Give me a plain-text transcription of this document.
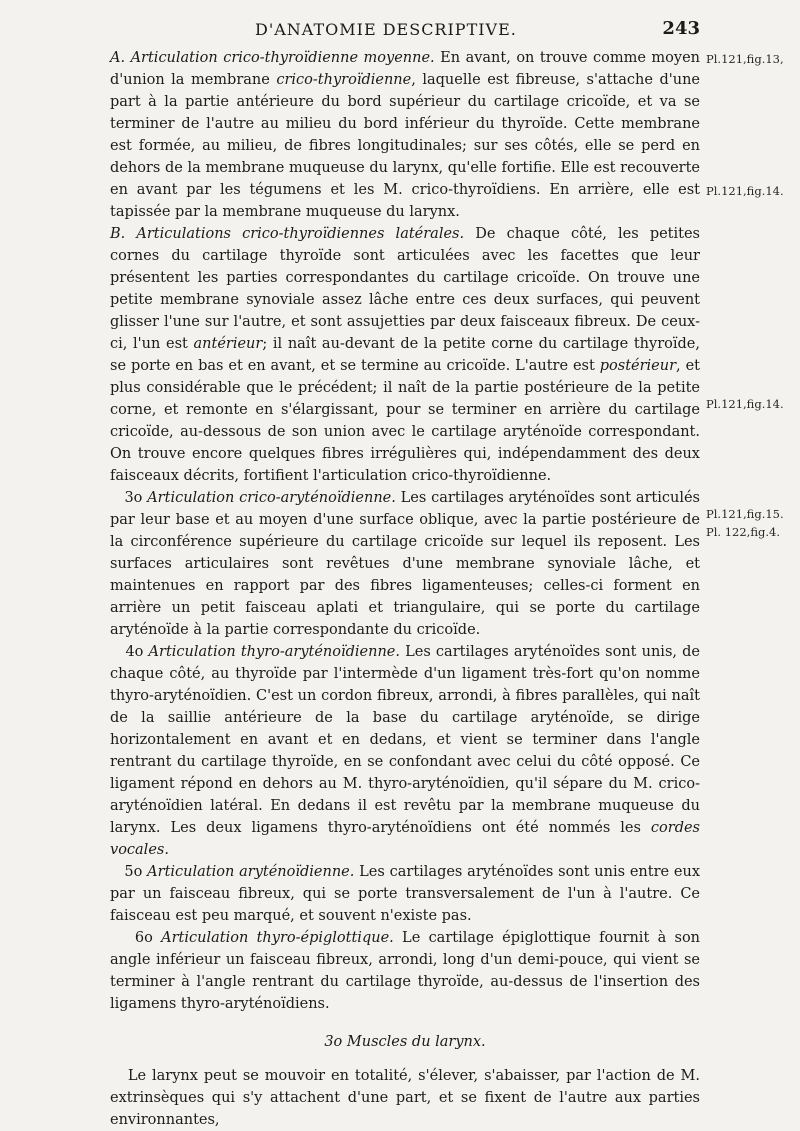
D'ANATOMIE DESCRIPTIVE.	243
Pl.121,fig.13,
Pl.121,fig.14.
Pl.121,fig.14.
Pl.121,fig.15.
Pl. 122,fig.4.

A. Articulation crico-thyroïdienne moyenne. En avant, on trouve comme moyen d'union la membrane crico-thyroïdienne, laquelle est fibreuse, s'attache d'une part à la partie antérieure du bord supérieur du cartilage cricoïde, et va se terminer de l'autre au milieu du bord inférieur du thyroïde. Cette membrane est formée, au milieu, de fibres longitudinales; sur ses côtés, elle se perd en dehors de la membrane muqueuse du larynx, qu'elle fortifie. Elle est recouverte en avant par les tégumens et les M. crico-thyroïdiens. En arrière, elle est tapissée par la membrane muqueuse du larynx.

B. Articulations crico-thyroïdiennes latérales. De chaque côté, les petites cornes du cartilage thyroïde sont articulées avec les facettes que leur présentent les parties correspondantes du cartilage cricoïde. On trouve une petite membrane synoviale assez lâche entre ces deux surfaces, qui peuvent glisser l'une sur l'autre, et sont assujetties par deux faisceaux fibreux. De ceux-ci, l'un est antérieur; il naît au-devant de la petite corne du cartilage thyroïde, se porte en bas et en avant, et se termine au cricoïde. L'autre est postérieur, et plus considérable que le précédent; il naît de la partie postérieure de la petite corne, et remonte en s'élargissant, pour se terminer en arrière du cartilage cricoïde, au-dessous de son union avec le cartilage aryténoïde correspondant. On trouve encore quelques fibres irrégulières qui, indépendamment des deux faisceaux décrits, fortifient l'articulation crico-thyroïdienne.

3o Articulation crico-aryténoïdienne. Les cartilages aryténoïdes sont articulés par leur base et au moyen d'une surface oblique, avec la partie postérieure de la circonférence supérieure du cartilage cricoïde sur lequel ils reposent. Les surfaces articulaires sont revêtues d'une membrane synoviale lâche, et maintenues en rapport par des fibres ligamenteuses; celles-ci forment en arrière un petit faisceau aplati et triangulaire, qui se porte du cartilage aryténoïde à la partie correspondante du cricoïde.

4o Articulation thyro-aryténoïdienne. Les cartilages aryténoïdes sont unis, de chaque côté, au thyroïde par l'intermède d'un ligament très-fort qu'on nomme thyro-aryténoïdien. C'est un cordon fibreux, arrondi, à fibres parallèles, qui naît de la saillie antérieure de la base du cartilage aryténoïde, se dirige horizontalement en avant et en dedans, et vient se terminer dans l'angle rentrant du cartilage thyroïde, en se confondant avec celui du côté opposé. Ce ligament répond en dehors au M. thyro-aryténoïdien, qu'il sépare du M. crico-aryténoïdien latéral. En dedans il est revêtu par la membrane muqueuse du larynx. Les deux ligamens thyro-aryténoïdiens ont été nommés les cordes vocales.

5o Articulation aryténoïdienne. Les cartilages aryténoïdes sont unis entre eux par un faisceau fibreux, qui se porte transversalement de l'un à l'autre. Ce faisceau est peu marqué, et souvent n'existe pas.

6o Articulation thyro-épiglottique. Le cartilage épiglottique fournit à son angle inférieur un faisceau fibreux, arrondi, long d'un demi-pouce, qui vient se terminer à l'angle rentrant du cartilage thyroïde, au-dessus de l'insertion des ligamens thyro-aryténoïdiens.

3o Muscles du larynx.

Le larynx peut se mouvoir en totalité, s'élever, s'abaisser, par l'action de M. extrinsèques qui s'y attachent d'une part, et se fixent de l'autre aux parties environnantes,
